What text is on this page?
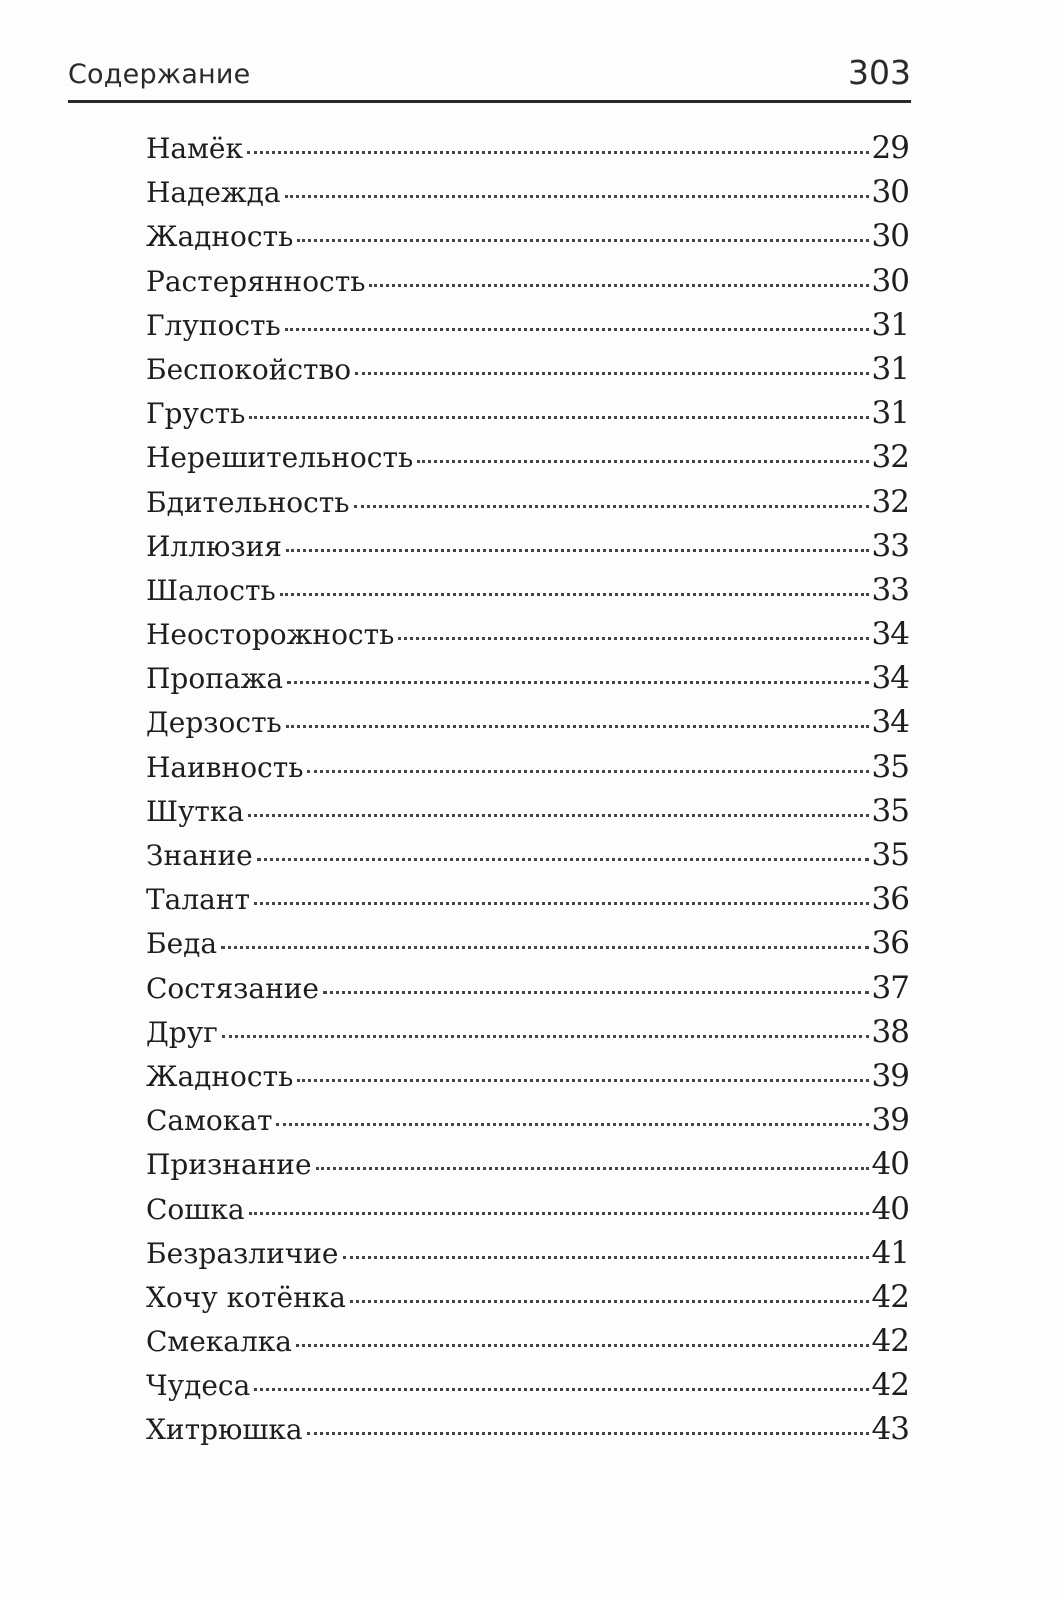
Содержание	303
Намёк	29
Надежда	30
Жадность	30
Растерянность	30
Глупость	31
Беспокойство	31
Грусть	31
Нерешительность	32
Бдительность	32
Иллюзия	33
Шалость	33
Неосторожность	34
Пропажа	34
Дерзость	34
Наивность	35
Шутка	35
Знание	35
Талант	36
Беда	36
Состязание	37
Друг	38
Жадность	39
Самокат	39
Признание	40
Сошка	40
Безразличие	41
Хочу котёнка	42
Смекалка	42
Чудеса	42
Хитрюшка	43
